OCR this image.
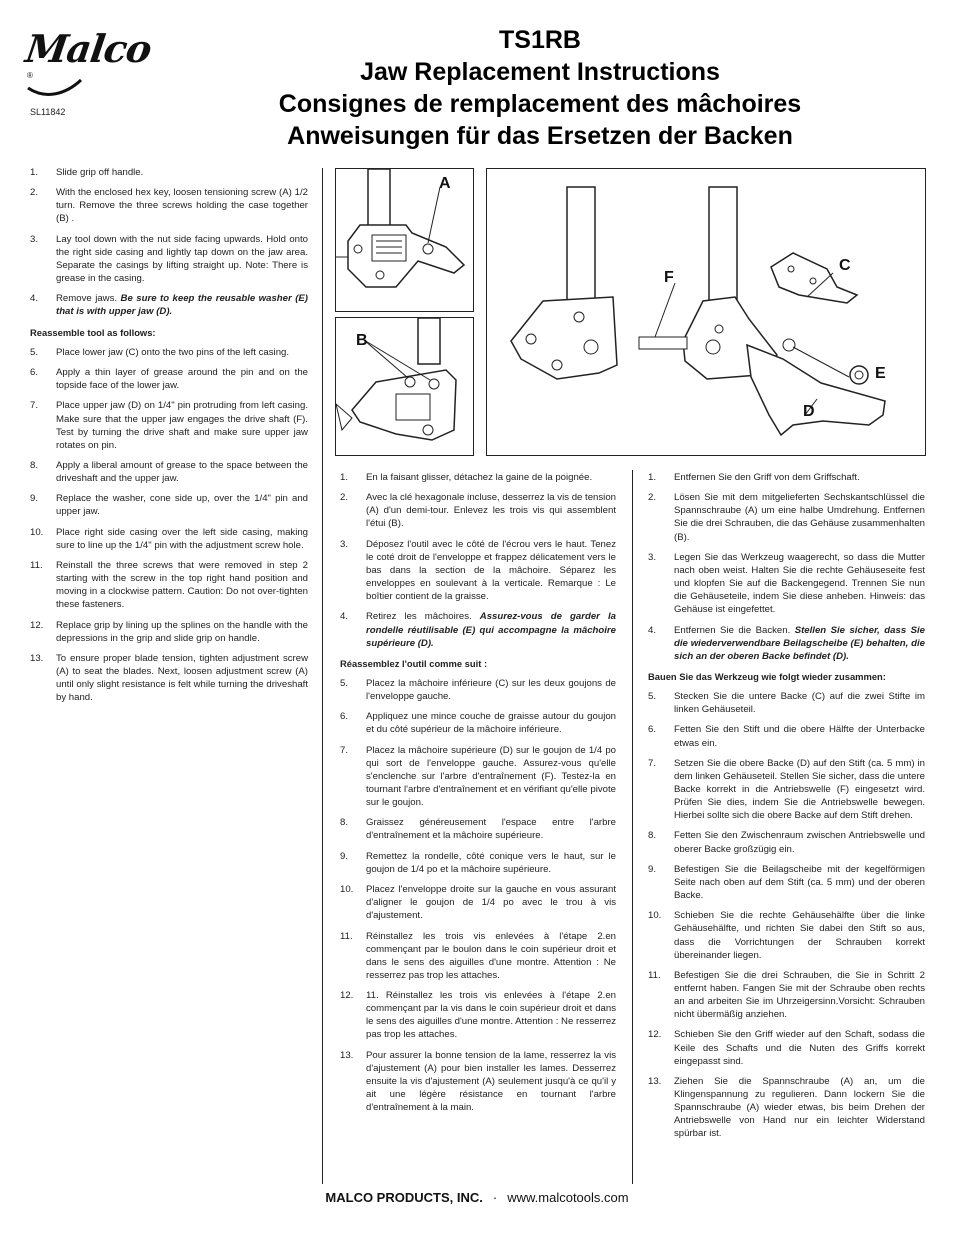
Malco®
SL11842
TS1RB
Jaw Replacement Instructions
Consignes de remplacement des mâchoires
Anweisungen für das Ersetzen der Backen
A
B
C
E
D
F
1.	Slide grip off handle.
2.	With the enclosed hex key, loosen tensioning screw (A) 1/2 turn. Remove the three screws holding the case together (B) .
3.	Lay tool down with the nut side facing upwards. Hold onto the right side casing and lightly tap down on the jaw area. Separate the casings by lifting straight up. Note: There is grease in the casing.
4.	Remove jaws. Be sure to keep the reusable washer (E) that is with upper jaw (D).
Reassemble tool as follows:
5.	Place lower jaw (C) onto the two pins of the left casing.
6.	Apply a thin layer of grease around the pin and on the topside face of the lower jaw.
7.	Place upper jaw (D) on 1/4" pin protruding from left casing. Make sure that the upper jaw engages the drive shaft (F). Test by turning the drive shaft and make sure upper jaw rotates on pin.
8.	Apply a liberal amount of grease to the space between the driveshaft and the upper jaw.
9.	Replace the washer, cone side up, over the 1/4" pin and upper jaw.
10.	Place right side casing over the left side casing, making sure to line up the 1/4" pin with the adjustment screw hole.
11.	Reinstall the three screws that were removed in step 2 starting with the screw in the top right hand position and moving in a clockwise pattern. Caution: Do not over-tighten these fasteners.
12.	Replace grip by lining up the splines on the handle with the depressions in the grip and slide grip on handle.
13.	To ensure proper blade tension, tighten adjustment screw (A) to seat the blades. Next, loosen adjustment screw (A) until only slight resistance is felt while turning the driveshaft by hand.
1.	En la faisant glisser, détachez la gaine de la poignée.
2.	Avec la clé hexagonale incluse, desserrez la vis de tension (A) d'un demi-tour. Enlevez les trois vis qui assemblent l'étui (B).
3.	Déposez l'outil avec le côté de l'écrou vers le haut. Tenez le coté droit de l'enveloppe et frappez délicatement vers le bas dans la section de la mâchoire. Séparez les enveloppes en soulevant à la verticale. Remarque : Le boîtier contient de la graisse.
4.	Retirez les mâchoires. Assurez-vous de garder la rondelle réutilisable (E) qui accompagne la mâchoire supérieure (D).
Réassemblez l'outil comme suit :
5.	Placez la mâchoire inférieure (C) sur les deux goujons de l'enveloppe gauche.
6.	Appliquez une mince couche de graisse autour du goujon et du côté supérieur de la mâchoire inférieure.
7.	Placez la mâchoire supérieure (D) sur le goujon de 1/4 po qui sort de l'enveloppe gauche. Assurez-vous qu'elle s'enclenche sur l'arbre d'entraînement (F). Testez-la en tournant l'arbre d'entraînement et en vérifiant qu'elle pivote sur le goujon.
8.	Graissez généreusement l'espace entre l'arbre d'entraînement et la mâchoire supérieure.
9.	Remettez la rondelle, côté conique vers le haut, sur le goujon de 1/4 po et la mâchoire supérieure.
10.	Placez l'enveloppe droite sur la gauche en vous assurant d'aligner le goujon de 1/4 po avec le trou à vis d'ajustement.
11.	Réinstallez les trois vis enlevées à l'étape 2.en commençant par le boulon dans le coin supérieur droit et dans le sens des aiguilles d'une montre. Attention : Ne resserrez pas trop les attaches.
12.	11. Réinstallez les trois vis enlevées à l'étape 2.en commençant par la vis dans le coin supérieur droit et dans le sens des aiguilles d'une montre. Attention : Ne resserrez pas trop les attaches.
13.	Pour assurer la bonne tension de la lame, resserrez la vis d'ajustement (A) pour bien installer les lames. Desserrez ensuite la vis d'ajustement (A) seulement jusqu'à ce qu'il y ait une légère résistance en tournant l'arbre d'entraînement à la main.
1.	Entfernen Sie den Griff von dem Griffschaft.
2.	Lösen Sie mit dem mitgelieferten Sechskantschlüssel die Spannschraube (A) um eine halbe Umdrehung. Entfernen Sie die drei Schrauben, die das Gehäuse zusammenhalten (B).
3.	Legen Sie das Werkzeug waagerecht, so dass die Mutter nach oben weist. Halten Sie die rechte Gehäuseseite fest und klopfen Sie auf die Backengegend. Trennen Sie nun die Gehäuseteile, indem Sie diese anheben. Hinweis: das Gehäuse ist eingefettet.
4.	Entfernen Sie die Backen. Stellen Sie sicher, dass Sie die wiederverwendbare Beilagscheibe (E) behalten, die sich an der oberen Backe befindet (D).
Bauen Sie das Werkzeug wie folgt wieder zusammen:
5.	Stecken Sie die untere Backe (C) auf die zwei Stifte im linken Gehäuseteil.
6.	Fetten Sie den Stift und die obere Hälfte der Unterbacke etwas ein.
7.	Setzen Sie die obere Backe (D) auf den Stift (ca. 5 mm) in dem linken Gehäuseteil. Stellen Sie sicher, dass die untere Backe korrekt in die Antriebswelle (F) eingesetzt wird. Prüfen Sie dies, indem Sie die Antriebswelle bewegen. Hierbei sollte sich die obere Backe auf dem Stift drehen.
8.	Fetten Sie den Zwischenraum zwischen Antriebswelle und oberer Backe großzügig ein.
9.	Befestigen Sie die Beilagscheibe mit der kegelförmigen Seite nach oben auf dem Stift (ca. 5 mm) und der oberen Backe.
10.	Schieben Sie die rechte Gehäusehälfte über die linke Gehäusehälfte, und richten Sie dabei den Stift so aus, dass die Vorrichtungen der Schrauben korrekt übereinander liegen.
11.	Befestigen Sie die drei Schrauben, die Sie in Schritt 2 entfernt haben. Fangen Sie mit der Schraube oben rechts an and arbeiten Sie im Uhrzeigersinn.Vorsicht: Schrauben nicht übermäßig anziehen.
12.	Schieben Sie den Griff wieder auf den Schaft, sodass die Keile des Schafts und die Nuten des Griffs korrekt eingepasst sind.
13.	Ziehen Sie die Spannschraube (A) an, um die Klingenspannung zu regulieren. Dann lockern Sie die Spannschraube (A) wieder etwas, bis beim Drehen der Antriebswelle von Hand nur ein leichter Widerstand spürbar ist.
MALCO PRODUCTS, INC. · www.malcotools.com
